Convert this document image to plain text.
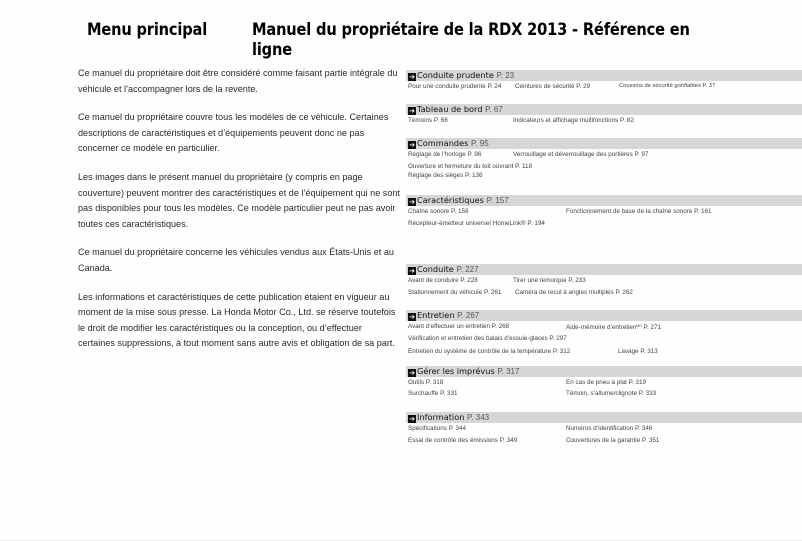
Menu principal	Manuel du propriétaire de la RDX 2013 - Référence en ligne

Ce manuel du propriétaire doit être considéré comme faisant partie intégrale du véhicule et l’accompagner lors de la revente.

Ce manuel du propriétaire couvre tous les modèles de ce véhicule. Certaines descriptions de caractéristiques et d’équipements peuvent donc ne pas concerner ce modèle en particulier.

Les images dans le présent manuel du propriétaire (y compris en page couverture) peuvent montrer des caractéristiques et de l’équipement qui ne sont pas disponibles pour tous les modèles. Ce modèle particulier peut ne pas avoir toutes ces caractéristiques.

Ce manuel du propriétaire concerne les véhicules vendus aux États-Unis et au Canada.

Les informations et caractéristiques de cette publication étaient en vigueur au moment de la mise sous presse. La Honda Motor Co., Ltd. se réserve toutefois le droit de modifier les caractéristiques ou la conception, ou d’effectuer certaines suppressions, à tout moment sans autre avis et obligation de sa part.

➔ Conduite prudente P. 23
Pour une conduite prudente P. 24 Ceintures de sécurité P. 29	Coussins de sécurité gonflables P. 37
➔ Tableau de bord P. 67
Témoins P. 68	Indicateurs et affichage multifonctions P. 82
➔ Commandes P. 95
Réglage de l’horloge P. 96	Verrouillage et déverrouillage des portières P. 97
Ouverture et fermeture du toit ouvrant P. 118
Réglage des sièges P. 136
➔ Caractéristiques P. 157
Chaîne sonore P. 158	Fonctionnement de base de la chaîne sonore P. 161
Récepteur-émetteur universel HomeLink® P. 194
➔ Conduite P. 227
Avant de conduire P. 228	Tirer une remorque P. 233
Stationnement du véhicule P. 261 Caméra de recul à angles multiples P. 262
➔ Entretien P. 267
Avant d’effectuer un entretien P. 268	Aide-mémoire d’entretien$^{MD}$ P. 271
Vérification et entretien des balais d’essuie-glaces P. 297
Entretien du système de contrôle de la température P. 312	Lavage P. 313
➔ Gérer les imprévus P. 317
Outils P. 318	En cas de pneu à plat P. 319
Surchauffe P. 331	Témoin, s’allume/clignote P. 333
➔ Information P. 343
Spécifications P. 344	Numéros d’identification P. 346
Essai de contrôle des émissions P. 349	Couvertures de la garantie P. 351
